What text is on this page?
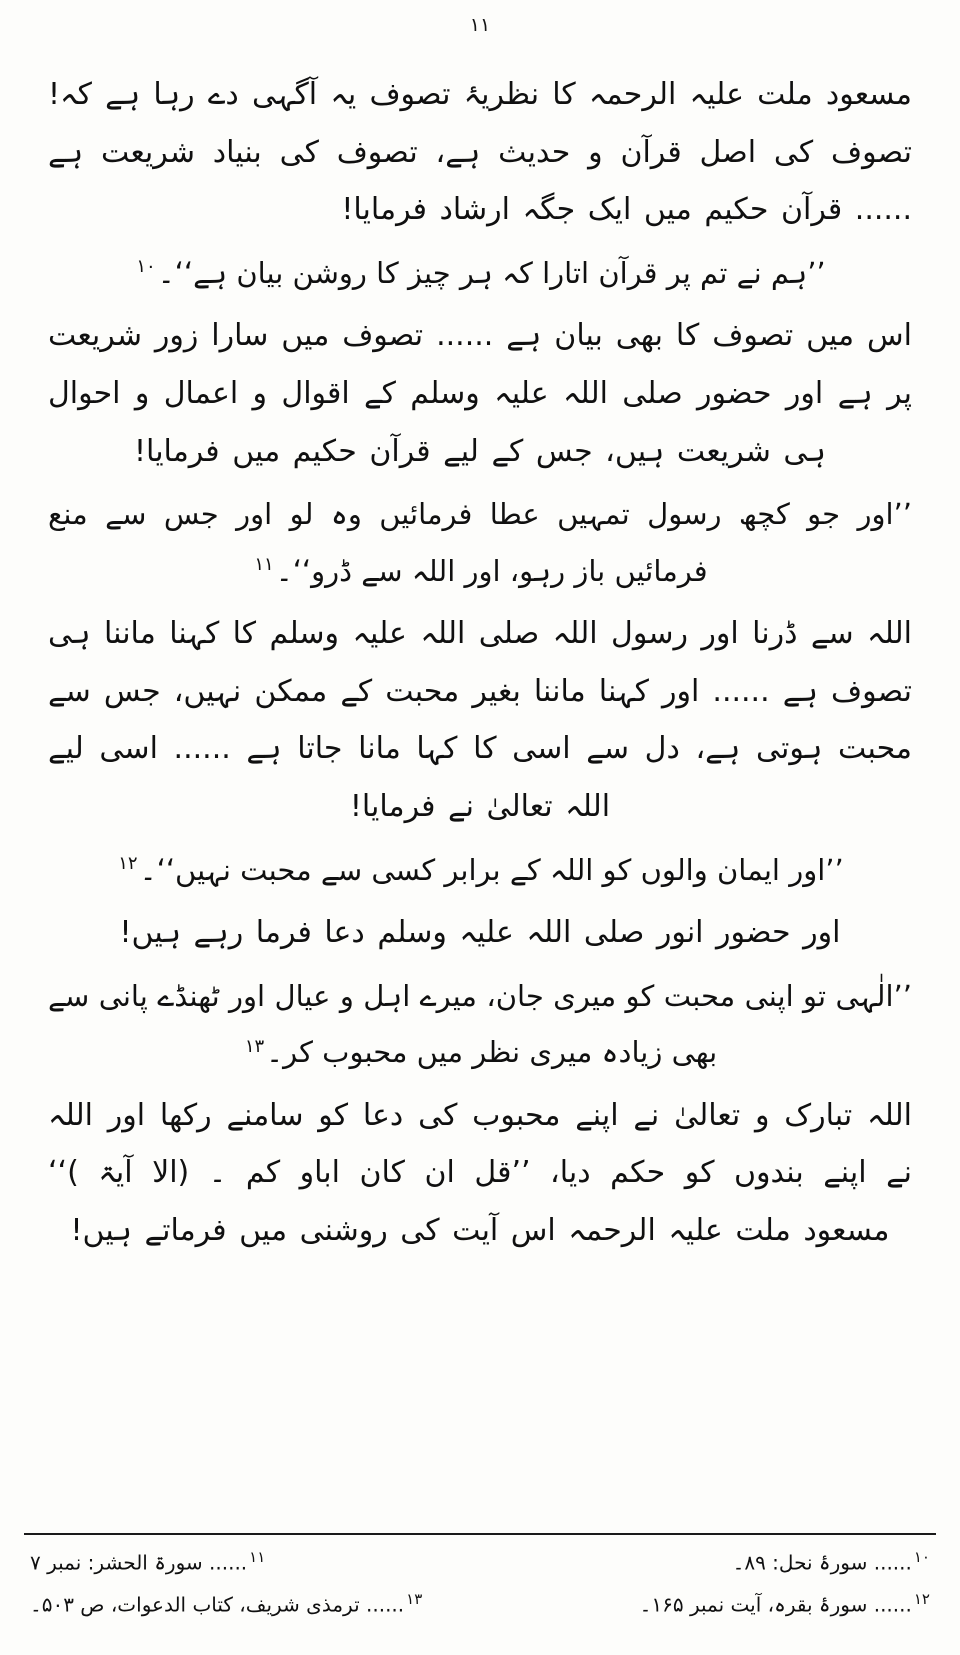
۱۱

مسعود ملت علیہ الرحمہ کا نظریۂ تصوف یہ آگہی دے رہا ہے کہ! تصوف کی اصل قرآن و حدیث ہے، تصوف کی بنیاد شریعت ہے ...... قرآن حکیم میں ایک جگہ ارشاد فرمایا!

’’ہم نے تم پر قرآن اتارا کہ ہر چیز کا روشن بیان ہے‘‘۔$^{۱۰}$

اس میں تصوف کا بھی بیان ہے ...... تصوف میں سارا زور شریعت پر ہے اور حضور صلی اللہ علیہ وسلم کے اقوال و اعمال و احوال ہی شریعت ہیں، جس کے لیے قرآن حکیم میں فرمایا!

’’اور جو کچھ رسول تمہیں عطا فرمائیں وہ لو اور جس سے منع فرمائیں باز رہو، اور اللہ سے ڈرو‘‘۔$^{۱۱}$

اللہ سے ڈرنا اور رسول اللہ صلی اللہ علیہ وسلم کا کہنا ماننا ہی تصوف ہے ...... اور کہنا ماننا بغیر محبت کے ممکن نہیں، جس سے محبت ہوتی ہے، دل سے اسی کا کہا مانا جاتا ہے ...... اسی لیے اللہ تعالیٰ نے فرمایا!

’’اور ایمان والوں کو اللہ کے برابر کسی سے محبت نہیں‘‘۔$^{۱۲}$

اور حضور انور صلی اللہ علیہ وسلم دعا فرما رہے ہیں!

’’الٰہی تو اپنی محبت کو میری جان، میرے اہل و عیال اور ٹھنڈے پانی سے بھی زیادہ میری نظر میں محبوب کر۔$^{۱۳}$

اللہ تبارک و تعالیٰ نے اپنے محبوب کی دعا کو سامنے رکھا اور اللہ نے اپنے بندوں کو حکم دیا، ’’قل ان کان اباو کم ۔ (الا آیۃ )‘‘ مسعود ملت علیہ الرحمہ اس آیت کی روشنی میں فرماتے ہیں!

$^{۱۰}$...... سورۂ نحل: ۸۹۔
$^{۱۱}$...... سورۃ الحشر: نمبر ۷
$^{۱۲}$...... سورۂ بقرہ، آیت نمبر ۱۶۵۔
$^{۱۳}$...... ترمذی شریف، کتاب الدعوات، ص ۵۰۳۔
